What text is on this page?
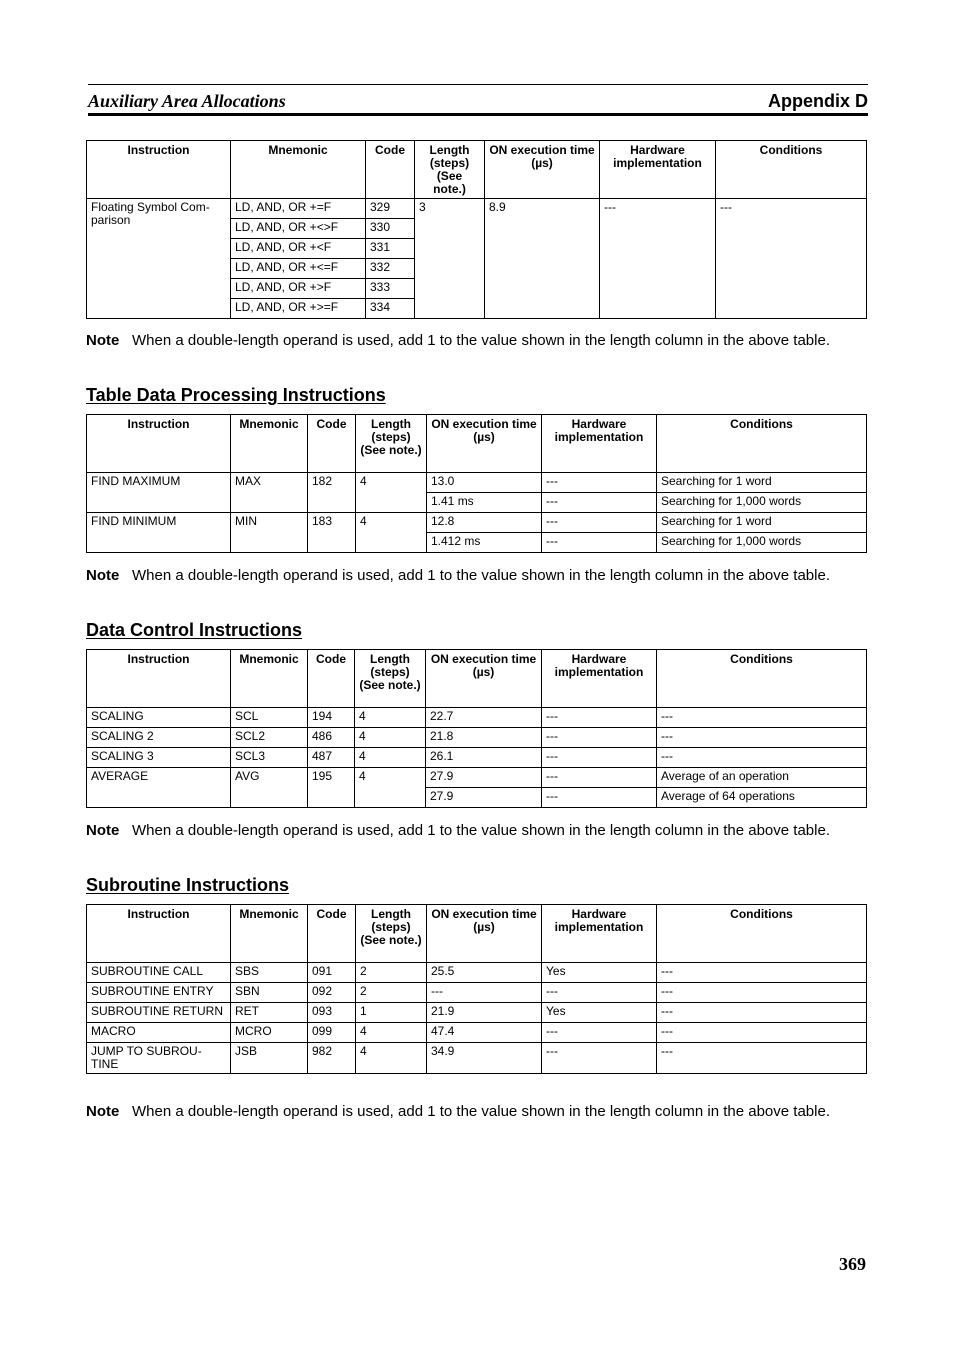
Auxiliary Area Allocations	Appendix D
Instruction	Mnemonic	Code	Length (steps) (See note.)	ON execution time (µs)	Hardware implementation	Conditions
Floating Symbol Com-parison	LD, AND, OR +=F	329	3	8.9	---	---
	LD, AND, OR +<>F	330				
	LD, AND, OR +<F	331				
	LD, AND, OR +<=F	332				
	LD, AND, OR +>F	333				
	LD, AND, OR +>=F	334				
Note When a double-length operand is used, add 1 to the value shown in the length column in the above table.
Table Data Processing Instructions
Instruction	Mnemonic	Code	Length (steps) (See note.)	ON execution time (µs)	Hardware implementation	Conditions
FIND MAXIMUM	MAX	182	4	13.0	---	Searching for 1 word
				1.41 ms	---	Searching for 1,000 words
FIND MINIMUM	MIN	183	4	12.8	---	Searching for 1 word
				1.412 ms	---	Searching for 1,000 words
Note When a double-length operand is used, add 1 to the value shown in the length column in the above table.
Data Control Instructions
Instruction	Mnemonic	Code	Length (steps) (See note.)	ON execution time (µs)	Hardware implementation	Conditions
SCALING	SCL	194	4	22.7	---	---
SCALING 2	SCL2	486	4	21.8	---	---
SCALING 3	SCL3	487	4	26.1	---	---
AVERAGE	AVG	195	4	27.9	---	Average of an operation
				27.9	---	Average of 64 operations
Note When a double-length operand is used, add 1 to the value shown in the length column in the above table.
Subroutine Instructions
Instruction	Mnemonic	Code	Length (steps) (See note.)	ON execution time (µs)	Hardware implementation	Conditions
SUBROUTINE CALL	SBS	091	2	25.5	Yes	---
SUBROUTINE ENTRY	SBN	092	2	---	---	---
SUBROUTINE RETURN	RET	093	1	21.9	Yes	---
MACRO	MCRO	099	4	47.4	---	---
JUMP TO SUBROU-TINE	JSB	982	4	34.9	---	---
Note When a double-length operand is used, add 1 to the value shown in the length column in the above table.
369
